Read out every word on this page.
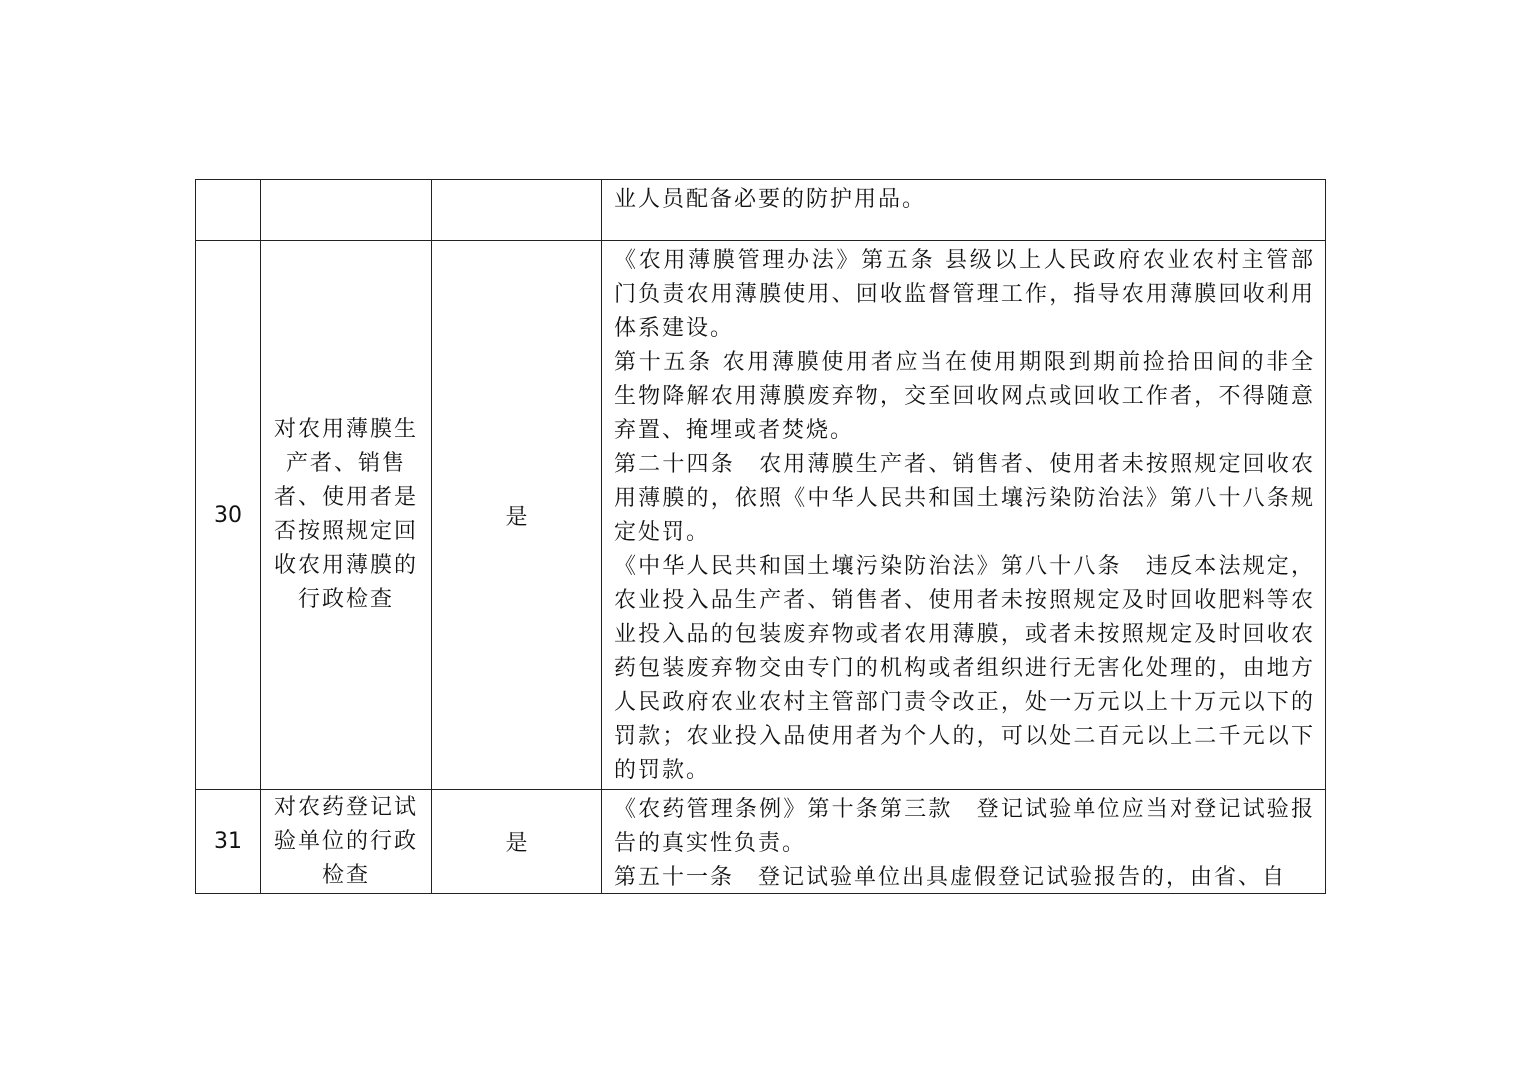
			业人员配备必要的防护用品。

30	对农用薄膜生产者、销售者、使用者是否按照规定回收农用薄膜的行政检查	是	《农用薄膜管理办法》第五条 县级以上人民政府农业农村主管部门负责农用薄膜使用、回收监督管理工作，指导农用薄膜回收利用体系建设。

第十五条 农用薄膜使用者应当在使用期限到期前捡拾田间的非全生物降解农用薄膜废弃物，交至回收网点或回收工作者，不得随意弃置、掩埋或者焚烧。

第二十四条　农用薄膜生产者、销售者、使用者未按照规定回收农用薄膜的，依照《中华人民共和国土壤污染防治法》第八十八条规定处罚。

《中华人民共和国土壤污染防治法》第八十八条　违反本法规定，农业投入品生产者、销售者、使用者未按照规定及时回收肥料等农业投入品的包装废弃物或者农用薄膜，或者未按照规定及时回收农药包装废弃物交由专门的机构或者组织进行无害化处理的，由地方人民政府农业农村主管部门责令改正，处一万元以上十万元以下的罚款；农业投入品使用者为个人的，可以处二百元以上二千元以下的罚款。

31	对农药登记试验单位的行政检查	是	《农药管理条例》第十条第三款　登记试验单位应当对登记试验报告的真实性负责。

第五十一条　登记试验单位出具虚假登记试验报告的，由省、自
